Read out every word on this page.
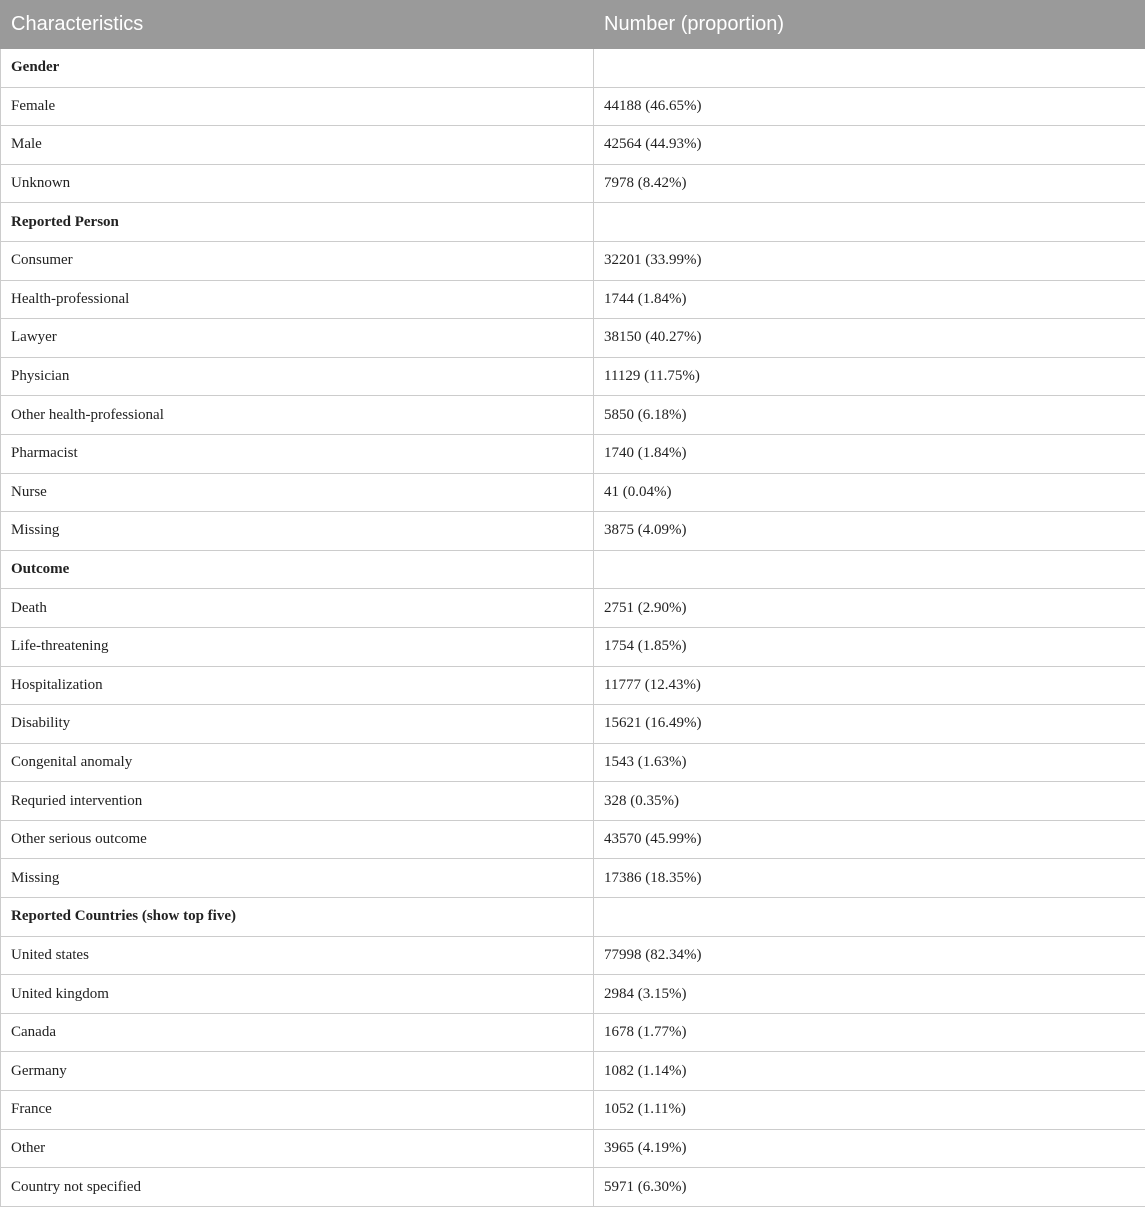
Characteristics	Number (proportion)
Gender	
Female	44188 (46.65%)
Male	42564 (44.93%)
Unknown	7978 (8.42%)
Reported Person	
Consumer	32201 (33.99%)
Health-professional	1744 (1.84%)
Lawyer	38150 (40.27%)
Physician	11129 (11.75%)
Other health-professional	5850 (6.18%)
Pharmacist	1740 (1.84%)
Nurse	41 (0.04%)
Missing	3875 (4.09%)
Outcome	
Death	2751 (2.90%)
Life-threatening	1754 (1.85%)
Hospitalization	11777 (12.43%)
Disability	15621 (16.49%)
Congenital anomaly	1543 (1.63%)
Requried intervention	328 (0.35%)
Other serious outcome	43570 (45.99%)
Missing	17386 (18.35%)
Reported Countries (show top five)	
United states	77998 (82.34%)
United kingdom	2984 (3.15%)
Canada	1678 (1.77%)
Germany	1082 (1.14%)
France	1052 (1.11%)
Other	3965 (4.19%)
Country not specified	5971 (6.30%)
